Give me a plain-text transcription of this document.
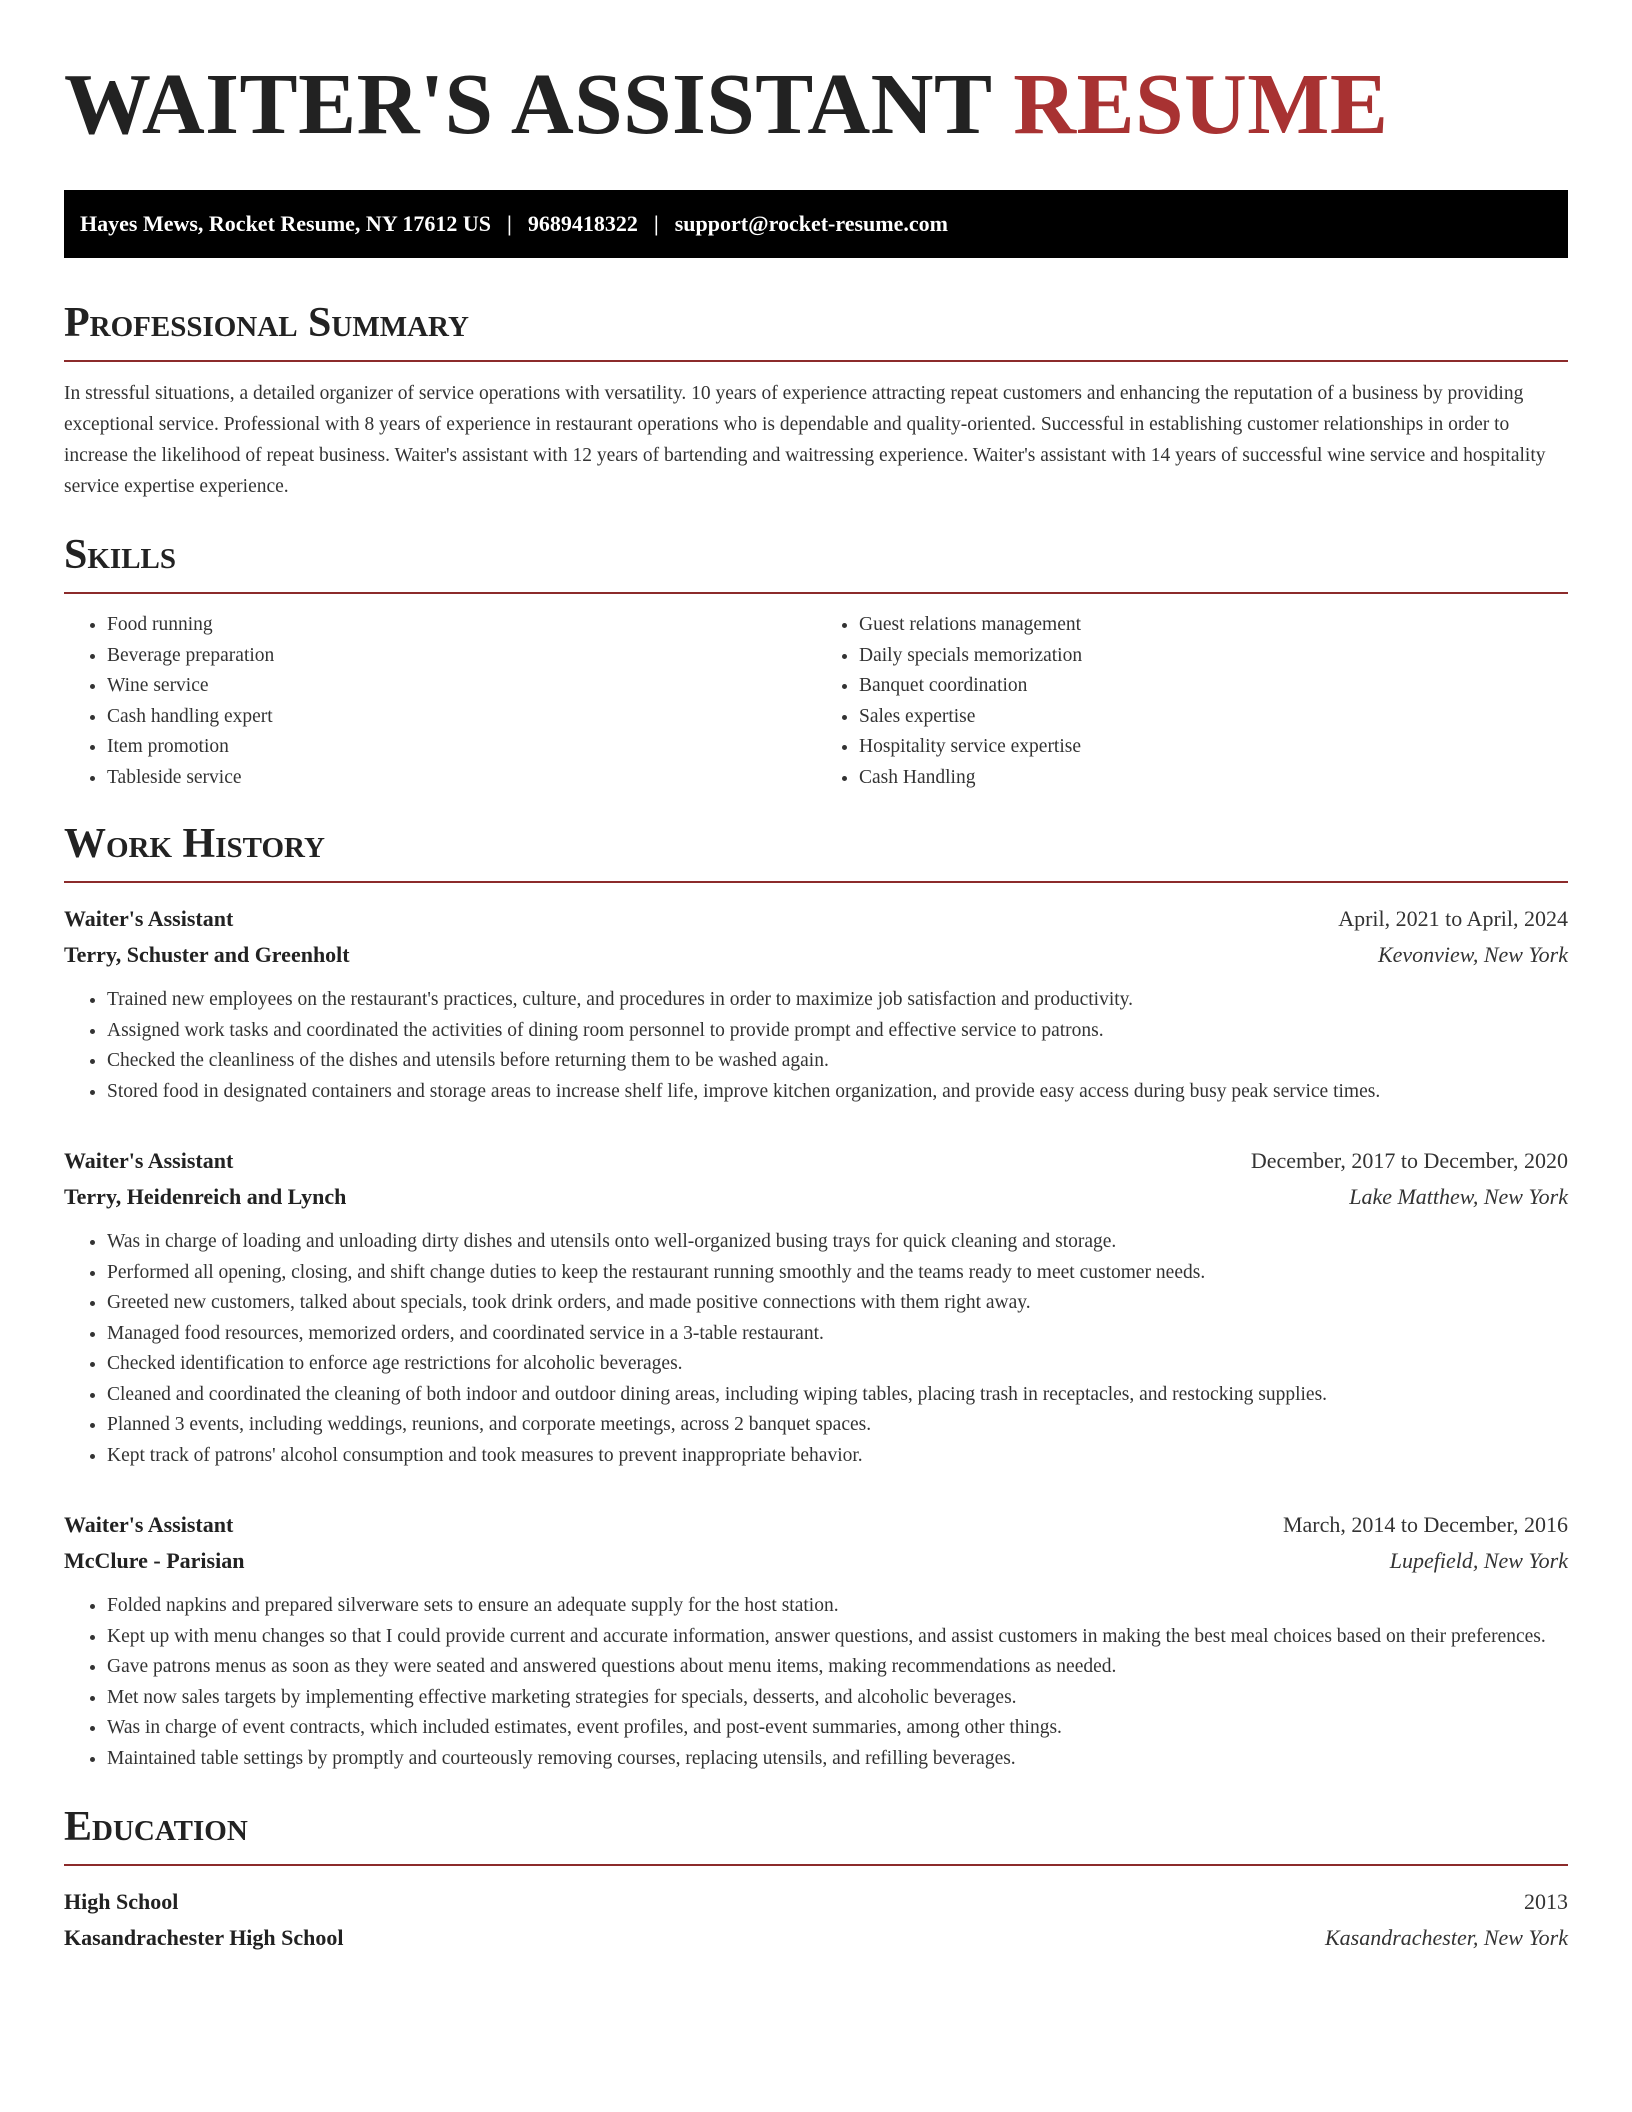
WAITER'S ASSISTANT RESUME
Hayes Mews, Rocket Resume, NY 17612 US | 9689418322 | support@rocket-resume.com
Professional Summary

In stressful situations, a detailed organizer of service operations with versatility. 10 years of experience attracting repeat customers and enhancing the reputation of a business by providing exceptional service. Professional with 8 years of experience in restaurant operations who is dependable and quality-oriented. Successful in establishing customer relationships in order to increase the likelihood of repeat business. Waiter's assistant with 12 years of bartending and waitressing experience. Waiter's assistant with 14 years of successful wine service and hospitality service expertise experience.

Skills
• Food running
• Beverage preparation
• Wine service
• Cash handling expert
• Item promotion
• Tableside service
• Guest relations management
• Daily specials memorization
• Banquet coordination
• Sales expertise
• Hospitality service expertise
• Cash Handling
Work History
Waiter's Assistant	April, 2021 to April, 2024
Terry, Schuster and Greenholt	Kevonview, New York
• Trained new employees on the restaurant's practices, culture, and procedures in order to maximize job satisfaction and productivity.
• Assigned work tasks and coordinated the activities of dining room personnel to provide prompt and effective service to patrons.
• Checked the cleanliness of the dishes and utensils before returning them to be washed again.
• Stored food in designated containers and storage areas to increase shelf life, improve kitchen organization, and provide easy access during busy peak service times.
Waiter's Assistant	December, 2017 to December, 2020
Terry, Heidenreich and Lynch	Lake Matthew, New York
• Was in charge of loading and unloading dirty dishes and utensils onto well-organized busing trays for quick cleaning and storage.
• Performed all opening, closing, and shift change duties to keep the restaurant running smoothly and the teams ready to meet customer needs.
• Greeted new customers, talked about specials, took drink orders, and made positive connections with them right away.
• Managed food resources, memorized orders, and coordinated service in a 3-table restaurant.
• Checked identification to enforce age restrictions for alcoholic beverages.
• Cleaned and coordinated the cleaning of both indoor and outdoor dining areas, including wiping tables, placing trash in receptacles, and restocking supplies.
• Planned 3 events, including weddings, reunions, and corporate meetings, across 2 banquet spaces.
• Kept track of patrons' alcohol consumption and took measures to prevent inappropriate behavior.
Waiter's Assistant	March, 2014 to December, 2016
McClure - Parisian	Lupefield, New York
• Folded napkins and prepared silverware sets to ensure an adequate supply for the host station.
• Kept up with menu changes so that I could provide current and accurate information, answer questions, and assist customers in making the best meal choices based on their preferences.
• Gave patrons menus as soon as they were seated and answered questions about menu items, making recommendations as needed.
• Met now sales targets by implementing effective marketing strategies for specials, desserts, and alcoholic beverages.
• Was in charge of event contracts, which included estimates, event profiles, and post-event summaries, among other things.
• Maintained table settings by promptly and courteously removing courses, replacing utensils, and refilling beverages.
Education
High School	2013
Kasandrachester High School	Kasandrachester, New York
